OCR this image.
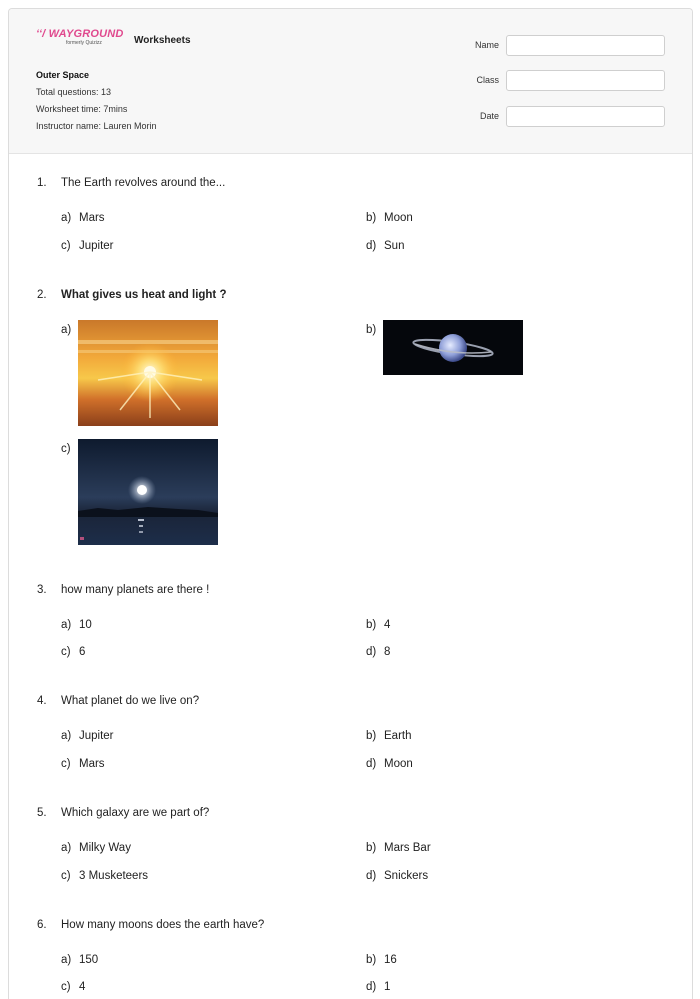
‘‘/ WAYGROUND
formerly Quizizz	Worksheets
Outer Space
Total questions: 13
Worksheet time: 7mins
Instructor name: Lauren Morin
Name
Class
Date
1. The Earth revolves around the...
a) Mars	b) Moon
c) Jupiter	d) Sun
2. What gives us heat and light ?
a)	b)
c)
3. how many planets are there !
a) 10	b) 4
c) 6	d) 8
4. What planet do we live on?
a) Jupiter	b) Earth
c) Mars	d) Moon
5. Which galaxy are we part of?
a) Milky Way	b) Mars Bar
c) 3 Musketeers	d) Snickers
6. How many moons does the earth have?
a) 150	b) 16
c) 4	d) 1
